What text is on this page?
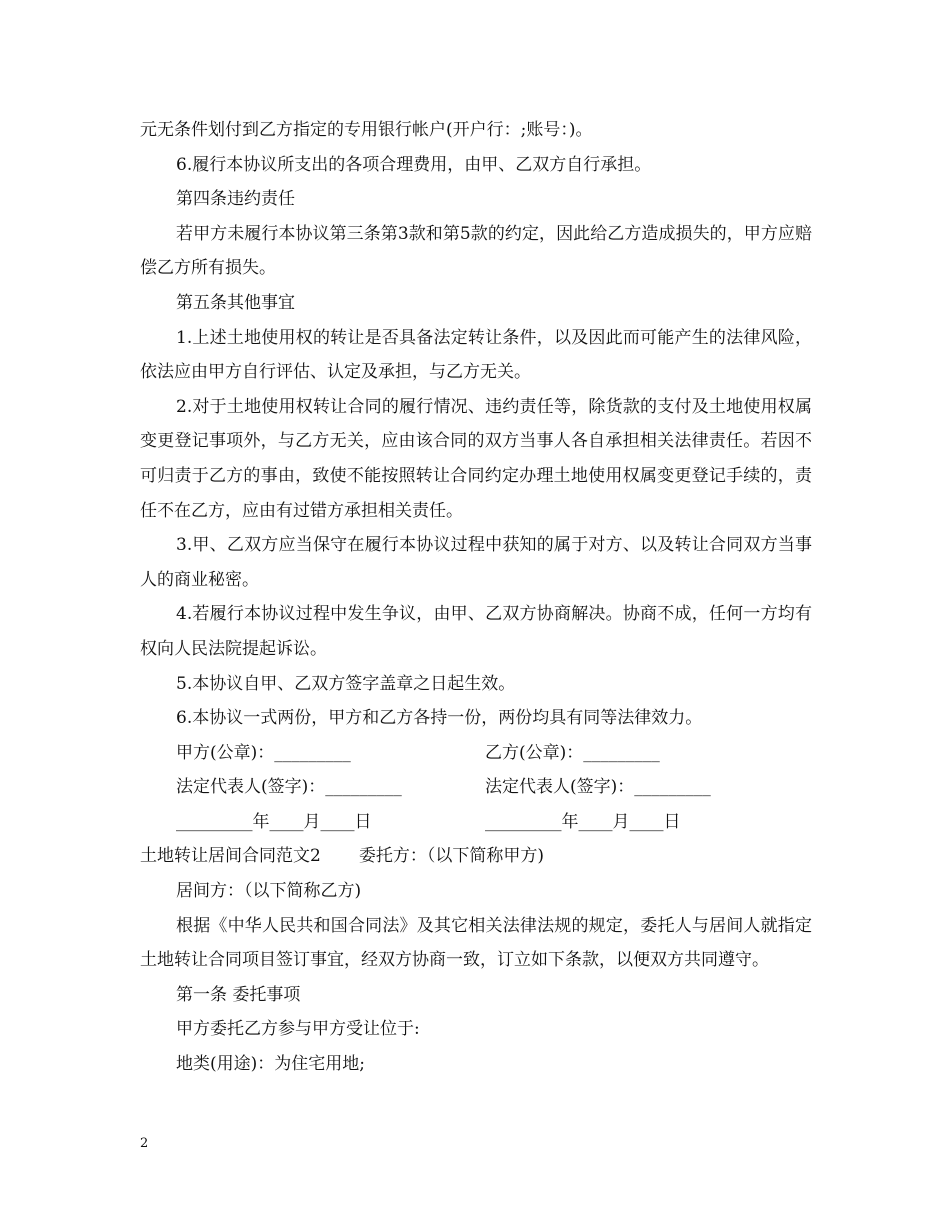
元无条件划付到乙方指定的专用银行帐户(开户行：;账号：)。

6.履行本协议所支出的各项合理费用，由甲、乙双方自行承担。

第四条违约责任

若甲方未履行本协议第三条第3款和第5款的约定，因此给乙方造成损失的，甲方应赔偿乙方所有损失。

第五条其他事宜

1.上述土地使用权的转让是否具备法定转让条件，以及因此而可能产生的法律风险，依法应由甲方自行评估、认定及承担，与乙方无关。

2.对于土地使用权转让合同的履行情况、违约责任等，除货款的支付及土地使用权属变更登记事项外，与乙方无关，应由该合同的双方当事人各自承担相关法律责任。若因不可归责于乙方的事由，致使不能按照转让合同约定办理土地使用权属变更登记手续的，责任不在乙方，应由有过错方承担相关责任。

3.甲、乙双方应当保守在履行本协议过程中获知的属于对方、以及转让合同双方当事人的商业秘密。

4.若履行本协议过程中发生争议，由甲、乙双方协商解决。协商不成，任何一方均有权向人民法院提起诉讼。

5.本协议自甲、乙双方签字盖章之日起生效。

6.本协议一式两份，甲方和乙方各持一份，两份均具有同等法律效力。

甲方(公章)：_________	乙方(公章)：_________
法定代表人(签字)：_________	法定代表人(签字)：_________
_________年____月____日	_________年____月____日

土地转让居间合同范文2 委托方：（以下简称甲方)

居间方：（以下简称乙方)

根据《中华人民共和国合同法》及其它相关法律法规的规定，委托人与居间人就指定土地转让合同项目签订事宜，经双方协商一致，订立如下条款，以便双方共同遵守。

第一条 委托事项

甲方委托乙方参与甲方受让位于:

地类(用途)：为住宅用地;

2
